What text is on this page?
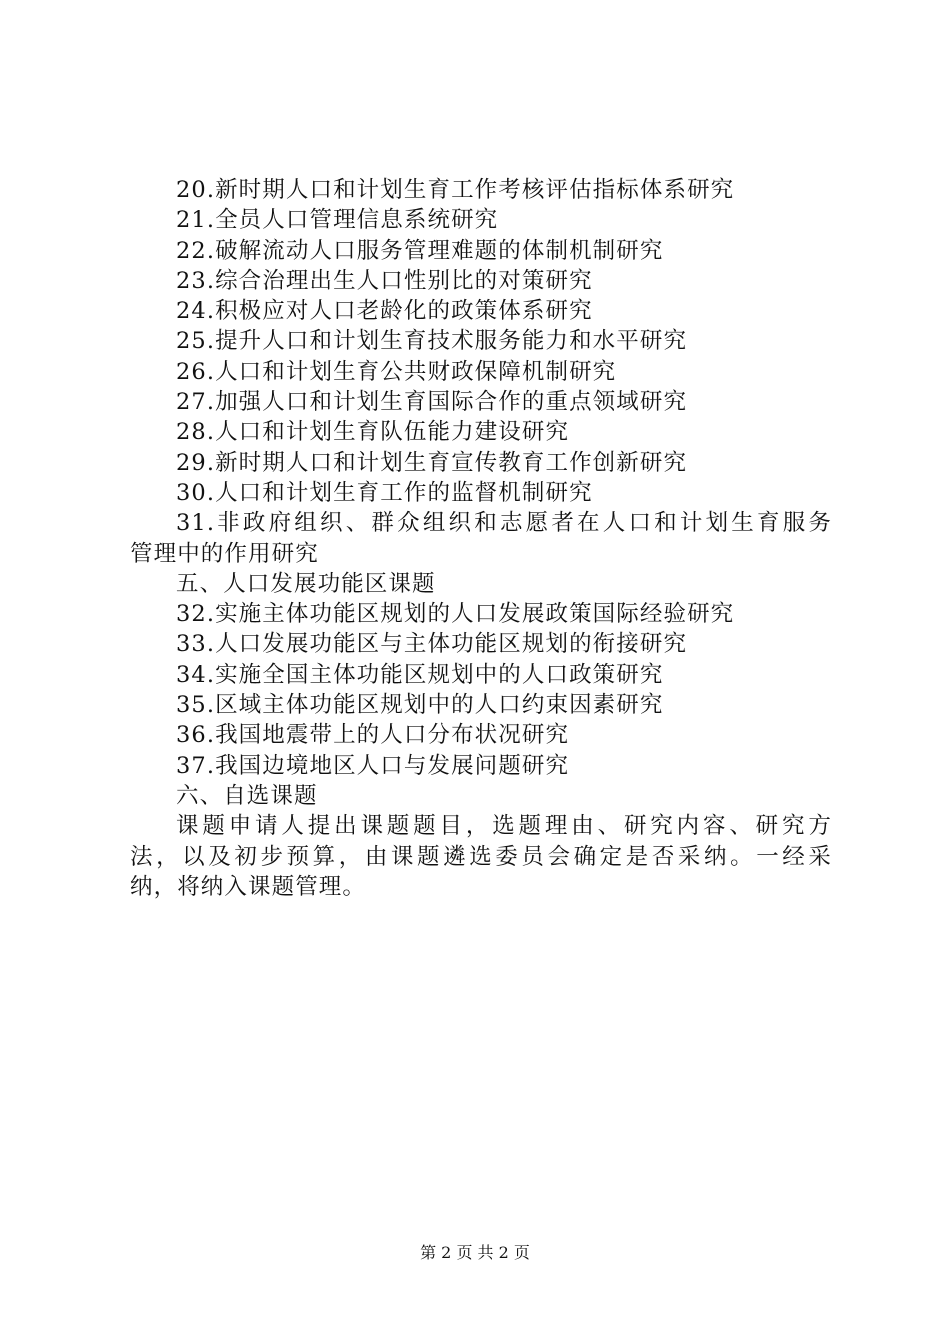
20.新时期人口和计划生育工作考核评估指标体系研究
21.全员人口管理信息系统研究
22.破解流动人口服务管理难题的体制机制研究
23.综合治理出生人口性别比的对策研究
24.积极应对人口老龄化的政策体系研究
25.提升人口和计划生育技术服务能力和水平研究
26.人口和计划生育公共财政保障机制研究
27.加强人口和计划生育国际合作的重点领域研究
28.人口和计划生育队伍能力建设研究
29.新时期人口和计划生育宣传教育工作创新研究
30.人口和计划生育工作的监督机制研究
31.非政府组织、群众组织和志愿者在人口和计划生育服务
管理中的作用研究
五、人口发展功能区课题
32.实施主体功能区规划的人口发展政策国际经验研究
33.人口发展功能区与主体功能区规划的衔接研究
34.实施全国主体功能区规划中的人口政策研究
35.区域主体功能区规划中的人口约束因素研究
36.我国地震带上的人口分布状况研究
37.我国边境地区人口与发展问题研究
六、自选课题
课题申请人提出课题题目，选题理由、研究内容、研究方
法，以及初步预算，由课题遴选委员会确定是否采纳。一经采
纳，将纳入课题管理。
第 2 页 共 2 页
